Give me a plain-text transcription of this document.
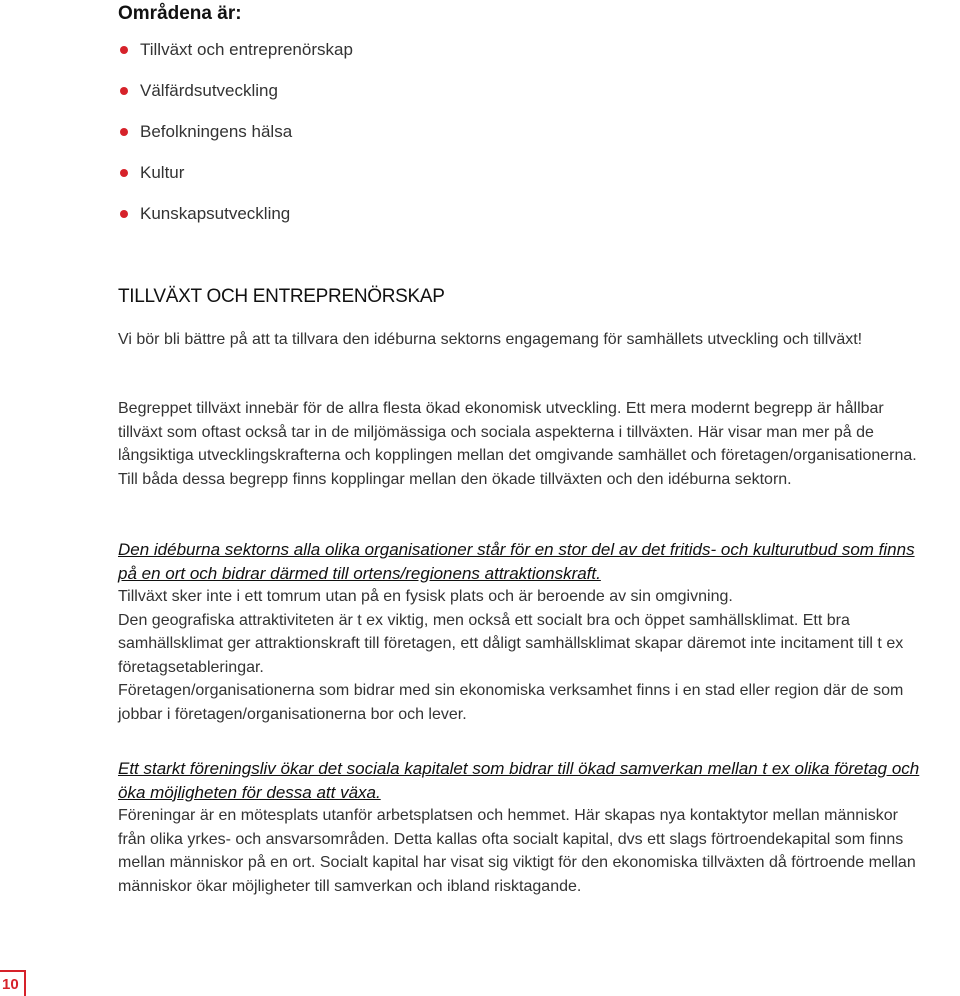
Områdena är:
Tillväxt och entreprenörskap
Välfärdsutveckling
Befolkningens hälsa
Kultur
Kunskapsutveckling
TILLVÄXT OCH ENTREPRENÖRSKAP

Vi bör bli bättre på att ta tillvara den idéburna sektorns engagemang för samhällets utveckling och tillväxt!

Begreppet tillväxt innebär för de allra flesta ökad ekonomisk utveckling. Ett mera modernt begrepp är hållbar tillväxt som oftast också tar in de miljömässiga och sociala aspekterna i tillväxten. Här visar man mer på de långsiktiga utvecklingskrafterna och kopplingen mellan det omgivande samhället och företagen/organisationerna. Till båda dessa begrepp finns kopplingar mellan den ökade tillväxten och den idéburna sektorn.

Den idéburna sektorns alla olika organisationer står för en stor del av det fritids- och kulturutbud som finns på en ort och bidrar därmed till ortens/regionens attraktionskraft.
Tillväxt sker inte i ett tomrum utan på en fysisk plats och är beroende av sin omgivning.
Den geografiska attraktiviteten är t ex viktig, men också ett socialt bra och öppet samhällsklimat. Ett bra samhällsklimat ger attraktionskraft till företagen, ett dåligt samhällsklimat skapar däremot inte incitament till t ex företagsetableringar.
Företagen/organisationerna som bidrar med sin ekonomiska verksamhet finns i en stad eller region där de som jobbar i företagen/organisationerna bor och lever.
Ett starkt föreningsliv ökar det sociala kapitalet som bidrar till ökad samverkan mellan t ex olika företag och öka möjligheten för dessa att växa.
Föreningar är en mötesplats utanför arbetsplatsen och hemmet. Här skapas nya kontaktytor mellan människor från olika yrkes- och ansvarsområden. Detta kallas ofta socialt kapital, dvs ett slags förtroendekapital som finns mellan människor på en ort. Socialt kapital har visat sig viktigt för den ekonomiska tillväxten då förtroende mellan människor ökar möjligheter till samverkan och ibland risktagande.
10
